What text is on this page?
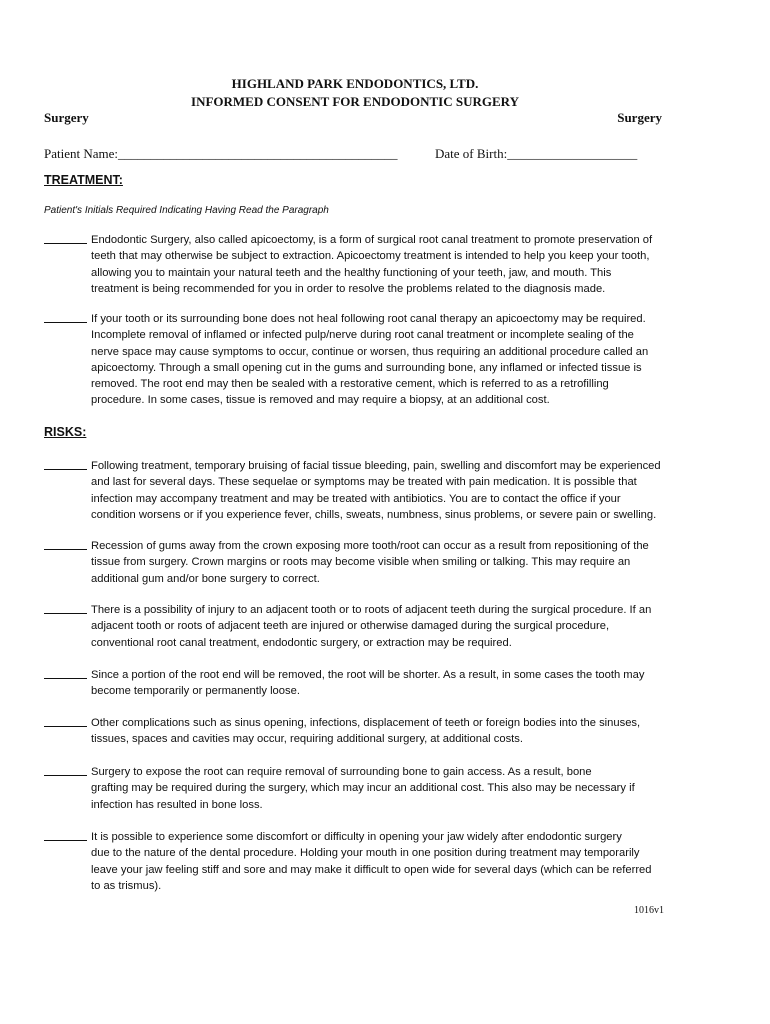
HIGHLAND PARK ENDODONTICS, LTD.
INFORMED CONSENT FOR ENDODONTIC SURGERY
Surgery	Surgery
Patient Name:___________________________________________	Date of Birth:____________________
TREATMENT:
Patient's Initials Required Indicating Having Read the Paragraph
Endodontic Surgery, also called apicoectomy, is a form of surgical root canal treatment to promote preservation of
teeth that may otherwise be subject to extraction. Apicoectomy treatment is intended to help you keep your tooth,
allowing you to maintain your natural teeth and the healthy functioning of your teeth, jaw, and mouth. This
treatment is being recommended for you in order to resolve the problems related to the diagnosis made.
If your tooth or its surrounding bone does not heal following root canal therapy an apicoectomy may be required.
Incomplete removal of inflamed or infected pulp/nerve during root canal treatment or incomplete sealing of the
nerve space may cause symptoms to occur, continue or worsen, thus requiring an additional procedure called an
apicoectomy. Through a small opening cut in the gums and surrounding bone, any inflamed or infected tissue is
removed. The root end may then be sealed with a restorative cement, which is referred to as a retrofilling
procedure. In some cases, tissue is removed and may require a biopsy, at an additional cost.
RISKS:
Following treatment, temporary bruising of facial tissue bleeding, pain, swelling and discomfort may be experienced
and last for several days. These sequelae or symptoms may be treated with pain medication. It is possible that
infection may accompany treatment and may be treated with antibiotics. You are to contact the office if your
condition worsens or if you experience fever, chills, sweats, numbness, sinus problems, or severe pain or swelling.
Recession of gums away from the crown exposing more tooth/root can occur as a result from repositioning of the
tissue from surgery. Crown margins or roots may become visible when smiling or talking. This may require an
additional gum and/or bone surgery to correct.
There is a possibility of injury to an adjacent tooth or to roots of adjacent teeth during the surgical procedure. If an
adjacent tooth or roots of adjacent teeth are injured or otherwise damaged during the surgical procedure,
conventional root canal treatment, endodontic surgery, or extraction may be required.
Since a portion of the root end will be removed, the root will be shorter. As a result, in some cases the tooth may
become temporarily or permanently loose.
Other complications such as sinus opening, infections, displacement of teeth or foreign bodies into the sinuses,
tissues, spaces and cavities may occur, requiring additional surgery, at additional costs.
Surgery to expose the root can require removal of surrounding bone to gain access. As a result, bone
grafting may be required during the surgery, which may incur an additional cost. This also may be necessary if
infection has resulted in bone loss.
It is possible to experience some discomfort or difficulty in opening your jaw widely after endodontic surgery
due to the nature of the dental procedure. Holding your mouth in one position during treatment may temporarily
leave your jaw feeling stiff and sore and may make it difficult to open wide for several days (which can be referred
to as trismus).
1016v1
